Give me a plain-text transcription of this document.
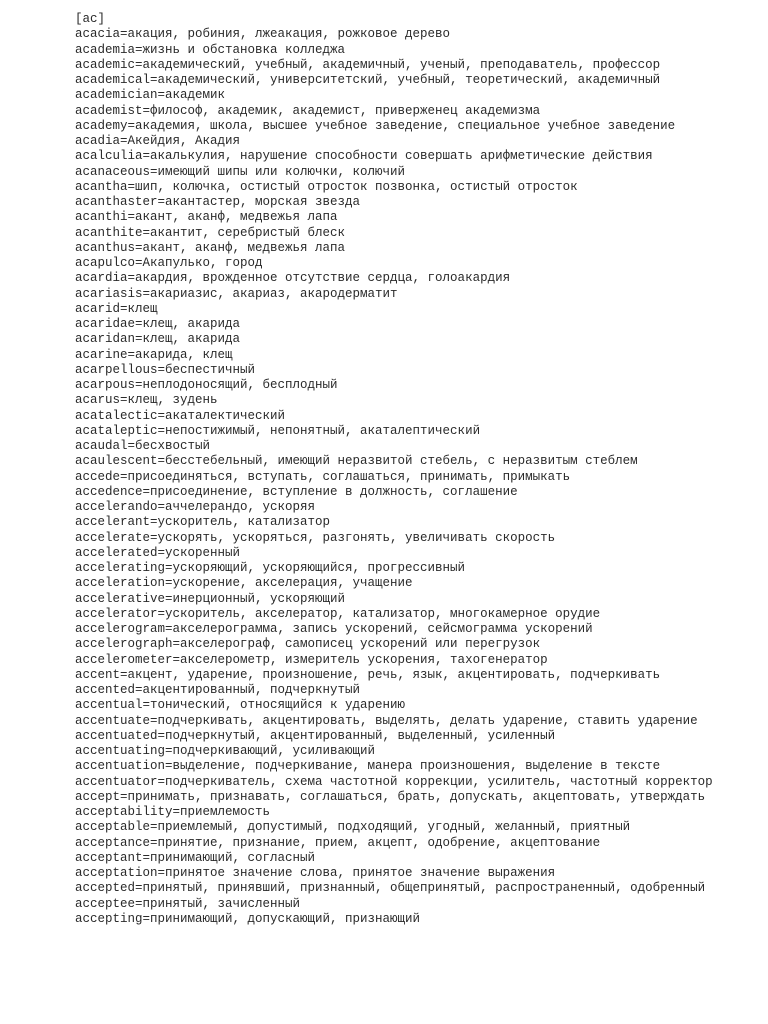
[ac]
acacia=акация, робиния, лжеакация, рожковое дерево
academia=жизнь и обстановка колледжа
academic=академический, учебный, академичный, ученый, преподаватель, профессор
academical=академический, университетский, учебный, теоретический, академичный
academician=академик
academist=философ, академик, академист, приверженец академизма
academy=академия, школа, высшее учебное заведение, специальное учебное заведение
acadia=Акейдия, Акадия
acalculia=акалькулия, нарушение способности совершать арифметические действия
acanaceous=имеющий шипы или колючки, колючий
acantha=шип, колючка, остистый отросток позвонка, остистый отросток
acanthaster=акантастер, морская звезда
acanthi=акант, аканф, медвежья лапа
acanthite=акантит, серебристый блеск
acanthus=акант, аканф, медвежья лапа
acapulco=Акапулько, город
acardia=акардия, врожденное отсутствие сердца, голоакардия
acariasis=акариазис, акариаз, акародерматит
acarid=клещ
acaridae=клещ, акарида
acaridan=клещ, акарида
acarine=акарида, клещ
acarpellous=беспестичный
acarpous=неплодоносящий, бесплодный
acarus=клещ, зудень
acatalectic=акаталектический
acataleptic=непостижимый, непонятный, акаталептический
acaudal=бесхвостый
acaulescent=бесстебельный, имеющий неразвитой стебель, с неразвитым стеблем
accede=присоединяться, вступать, соглашаться, принимать, примыкать
accedence=присоединение, вступление в должность, соглашение
accelerando=аччелерандо, ускоряя
accelerant=ускоритель, катализатор
accelerate=ускорять, ускоряться, разгонять, увеличивать скорость
accelerated=ускоренный
accelerating=ускоряющий, ускоряющийся, прогрессивный
acceleration=ускорение, акселерация, учащение
accelerative=инерционный, ускоряющий
accelerator=ускоритель, акселератор, катализатор, многокамерное орудие
accelerogram=акселерограмма, запись ускорений, сейсмограмма ускорений
accelerograph=акселерограф, самописец ускорений или перегрузок
accelerometer=акселерометр, измеритель ускорения, тахогенератор
accent=акцент, ударение, произношение, речь, язык, акцентировать, подчеркивать
accented=акцентированный, подчеркнутый
accentual=тонический, относящийся к ударению
accentuate=подчеркивать, акцентировать, выделять, делать ударение, ставить ударение
accentuated=подчеркнутый, акцентированный, выделенный, усиленный
accentuating=подчеркивающий, усиливающий
accentuation=выделение, подчеркивание, манера произношения, выделение в тексте
accentuator=подчеркиватель, схема частотной коррекции, усилитель, частотный корректор
accept=принимать, признавать, соглашаться, брать, допускать, акцептовать, утверждать
acceptability=приемлемость
acceptable=приемлемый, допустимый, подходящий, угодный, желанный, приятный
acceptance=принятие, признание, прием, акцепт, одобрение, акцептование
acceptant=принимающий, согласный
acceptation=принятое значение слова, принятое значение выражения
accepted=принятый, принявший, признанный, общепринятый, распространенный, одобренный
acceptee=принятый, зачисленный
accepting=принимающий, допускающий, признающий
